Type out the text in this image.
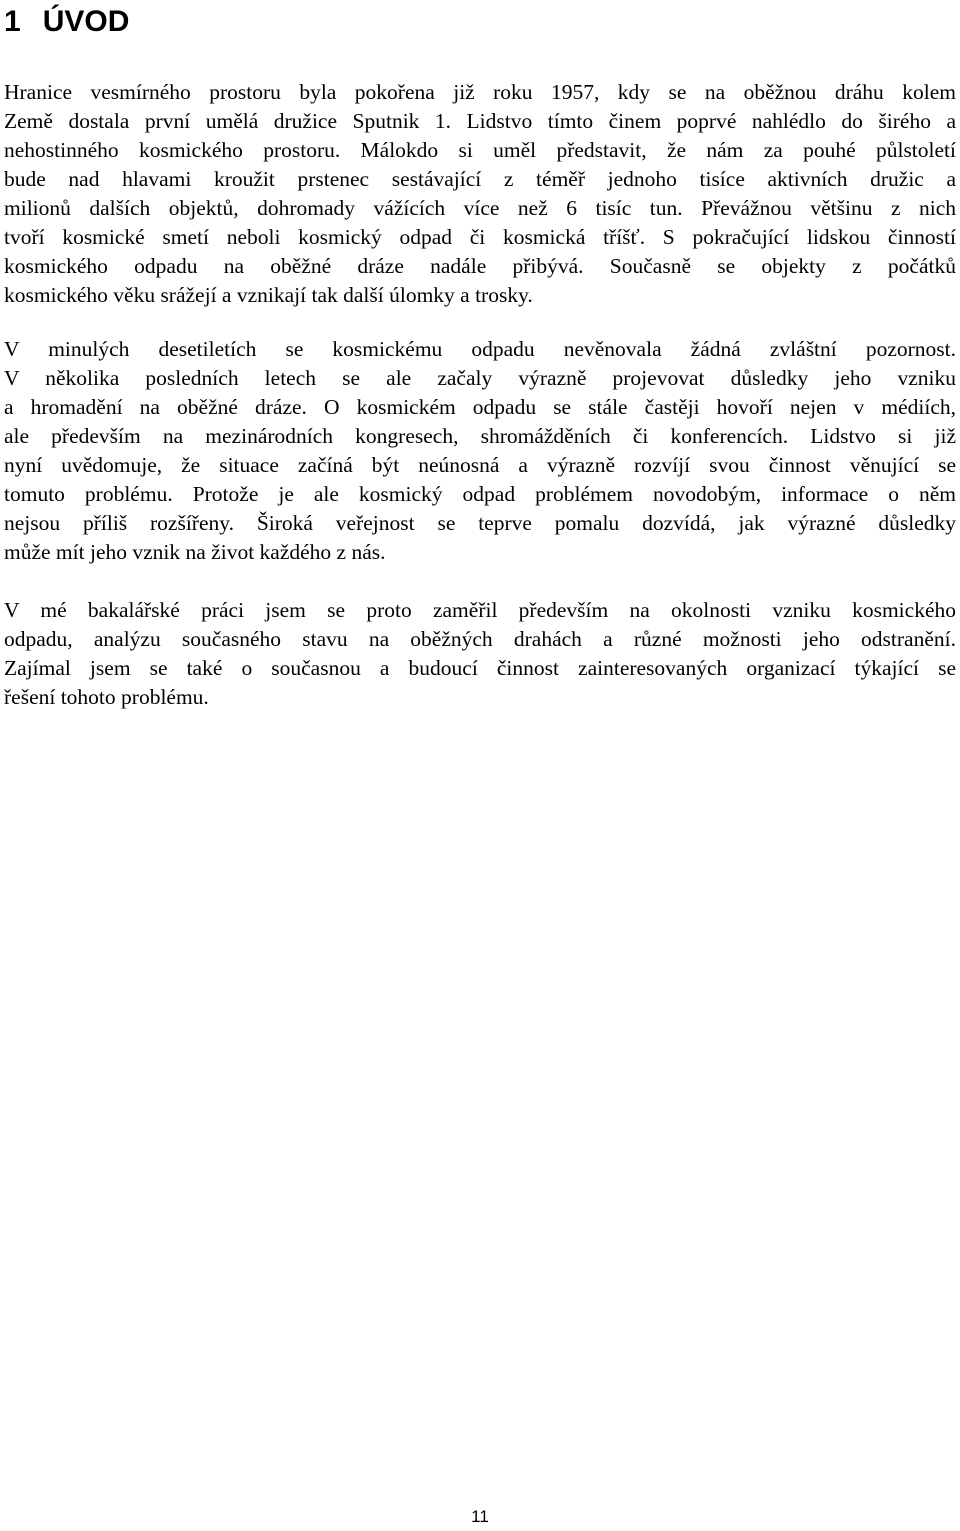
1 ÚVOD

Hranice vesmírného prostoru byla pokořena již roku 1957, kdy se na oběžnou dráhu kolem
Země dostala první umělá družice Sputnik 1. Lidstvo tímto činem poprvé nahlédlo do širého a
nehostinného kosmického prostoru. Málokdo si uměl představit, že nám za pouhé půlstoletí
bude nad hlavami kroužit prstenec sestávající z téměř jednoho tisíce aktivních družic a
milionů dalších objektů, dohromady vážících více než 6 tisíc tun. Převážnou většinu z nich
tvoří kosmické smetí neboli kosmický odpad či kosmická tříšť. S pokračující lidskou činností
kosmického odpadu na oběžné dráze nadále přibývá. Současně se objekty z počátků
kosmického věku srážejí a vznikají tak další úlomky a trosky.

V minulých desetiletích se kosmickému odpadu nevěnovala žádná zvláštní pozornost.
V několika posledních letech se ale začaly výrazně projevovat důsledky jeho vzniku
a hromadění na oběžné dráze. O kosmickém odpadu se stále častěji hovoří nejen v médiích,
ale především na mezinárodních kongresech, shromážděních či konferencích. Lidstvo si již
nyní uvědomuje, že situace začíná být neúnosná a výrazně rozvíjí svou činnost věnující se
tomuto problému. Protože je ale kosmický odpad problémem novodobým, informace o něm
nejsou příliš rozšířeny. Široká veřejnost se teprve pomalu dozvídá, jak výrazné důsledky
může mít jeho vznik na život každého z nás.

V mé bakalářské práci jsem se proto zaměřil především na okolnosti vzniku kosmického
odpadu, analýzu současného stavu na oběžných drahách a různé možnosti jeho odstranění.
Zajímal jsem se také o současnou a budoucí činnost zainteresovaných organizací týkající se
řešení tohoto problému.

11
